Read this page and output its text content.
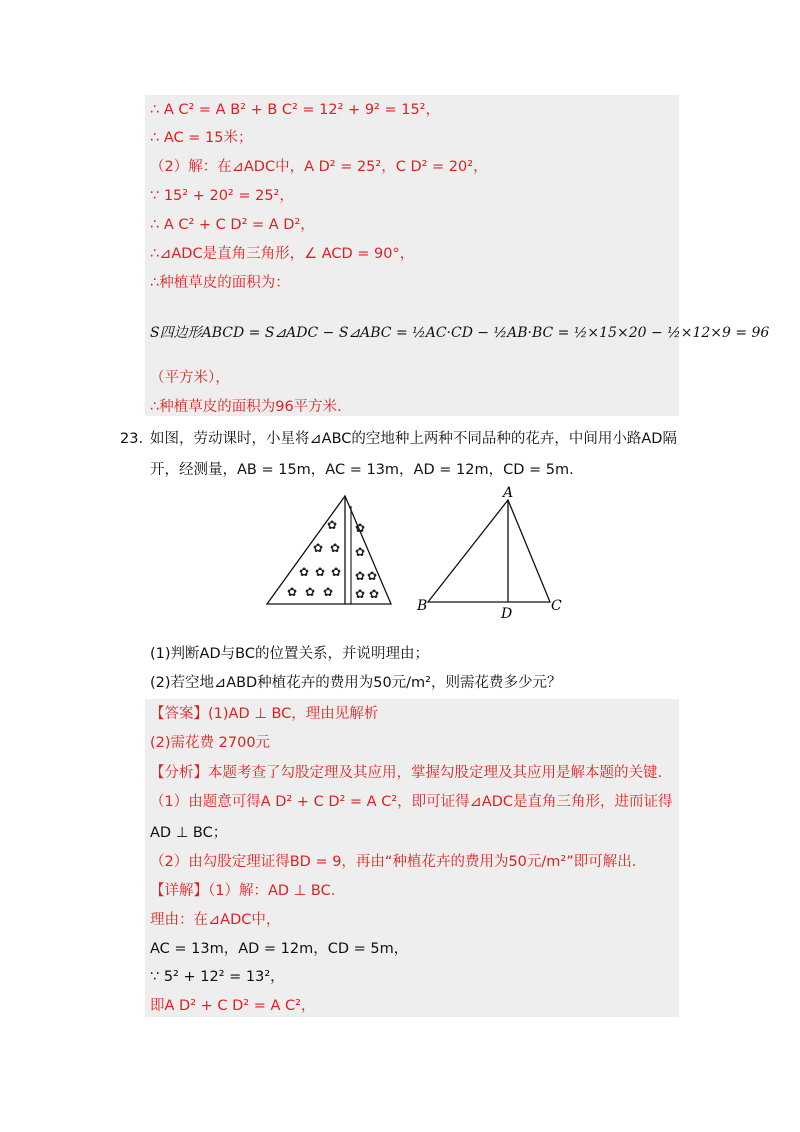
∴ A C² = A B² + B C² = 12² + 9² = 15²，
∴ AC = 15米；
（2）解：在⊿ADC中，A D² = 25²，C D² = 20²，
∵ 15² + 20² = 25²，
∴ A C² + C D² = A D²，
∴⊿ADC是直角三角形，∠ ACD = 90°，
∴种植草皮的面积为：
S四边形ABCD = S⊿ADC − S⊿ABC = ½AC·CD − ½AB·BC = ½×15×20 − ½×12×9 = 96
（平方米），
∴种植草皮的面积为96平方米.
23．
如图，劳动课时，小星将⊿ABC的空地种上两种不同品种的花卉，中间用小路AD隔
开，经测量，AB = 15m，AC = 13m，AD = 12m，CD = 5m．
✿
✿ ✿
✿ ✿ ✿
✿ ✿ ✿
✿
✿
✿ ✿
✿ ✿
A
B	C
D
(1)判断AD与BC的位置关系，并说明理由；
(2)若空地⊿ABD种植花卉的费用为50元/m²，则需花费多少元？
【答案】(1)AD ⊥ BC，理由见解析
(2)需花费 2700元
【分析】本题考查了勾股定理及其应用，掌握勾股定理及其应用是解本题的关键.
（1）由题意可得A D² + C D² = A C²，即可证得⊿ADC是直角三角形，进而证得
AD ⊥ BC；
（2）由勾股定理证得BD = 9，再由“种植花卉的费用为50元/m²”即可解出.
【详解】（1）解：AD ⊥ BC.
理由：在⊿ADC中，
AC = 13m，AD = 12m，CD = 5m，
∵ 5² + 12² = 13²，
即A D² + C D² = A C²，
